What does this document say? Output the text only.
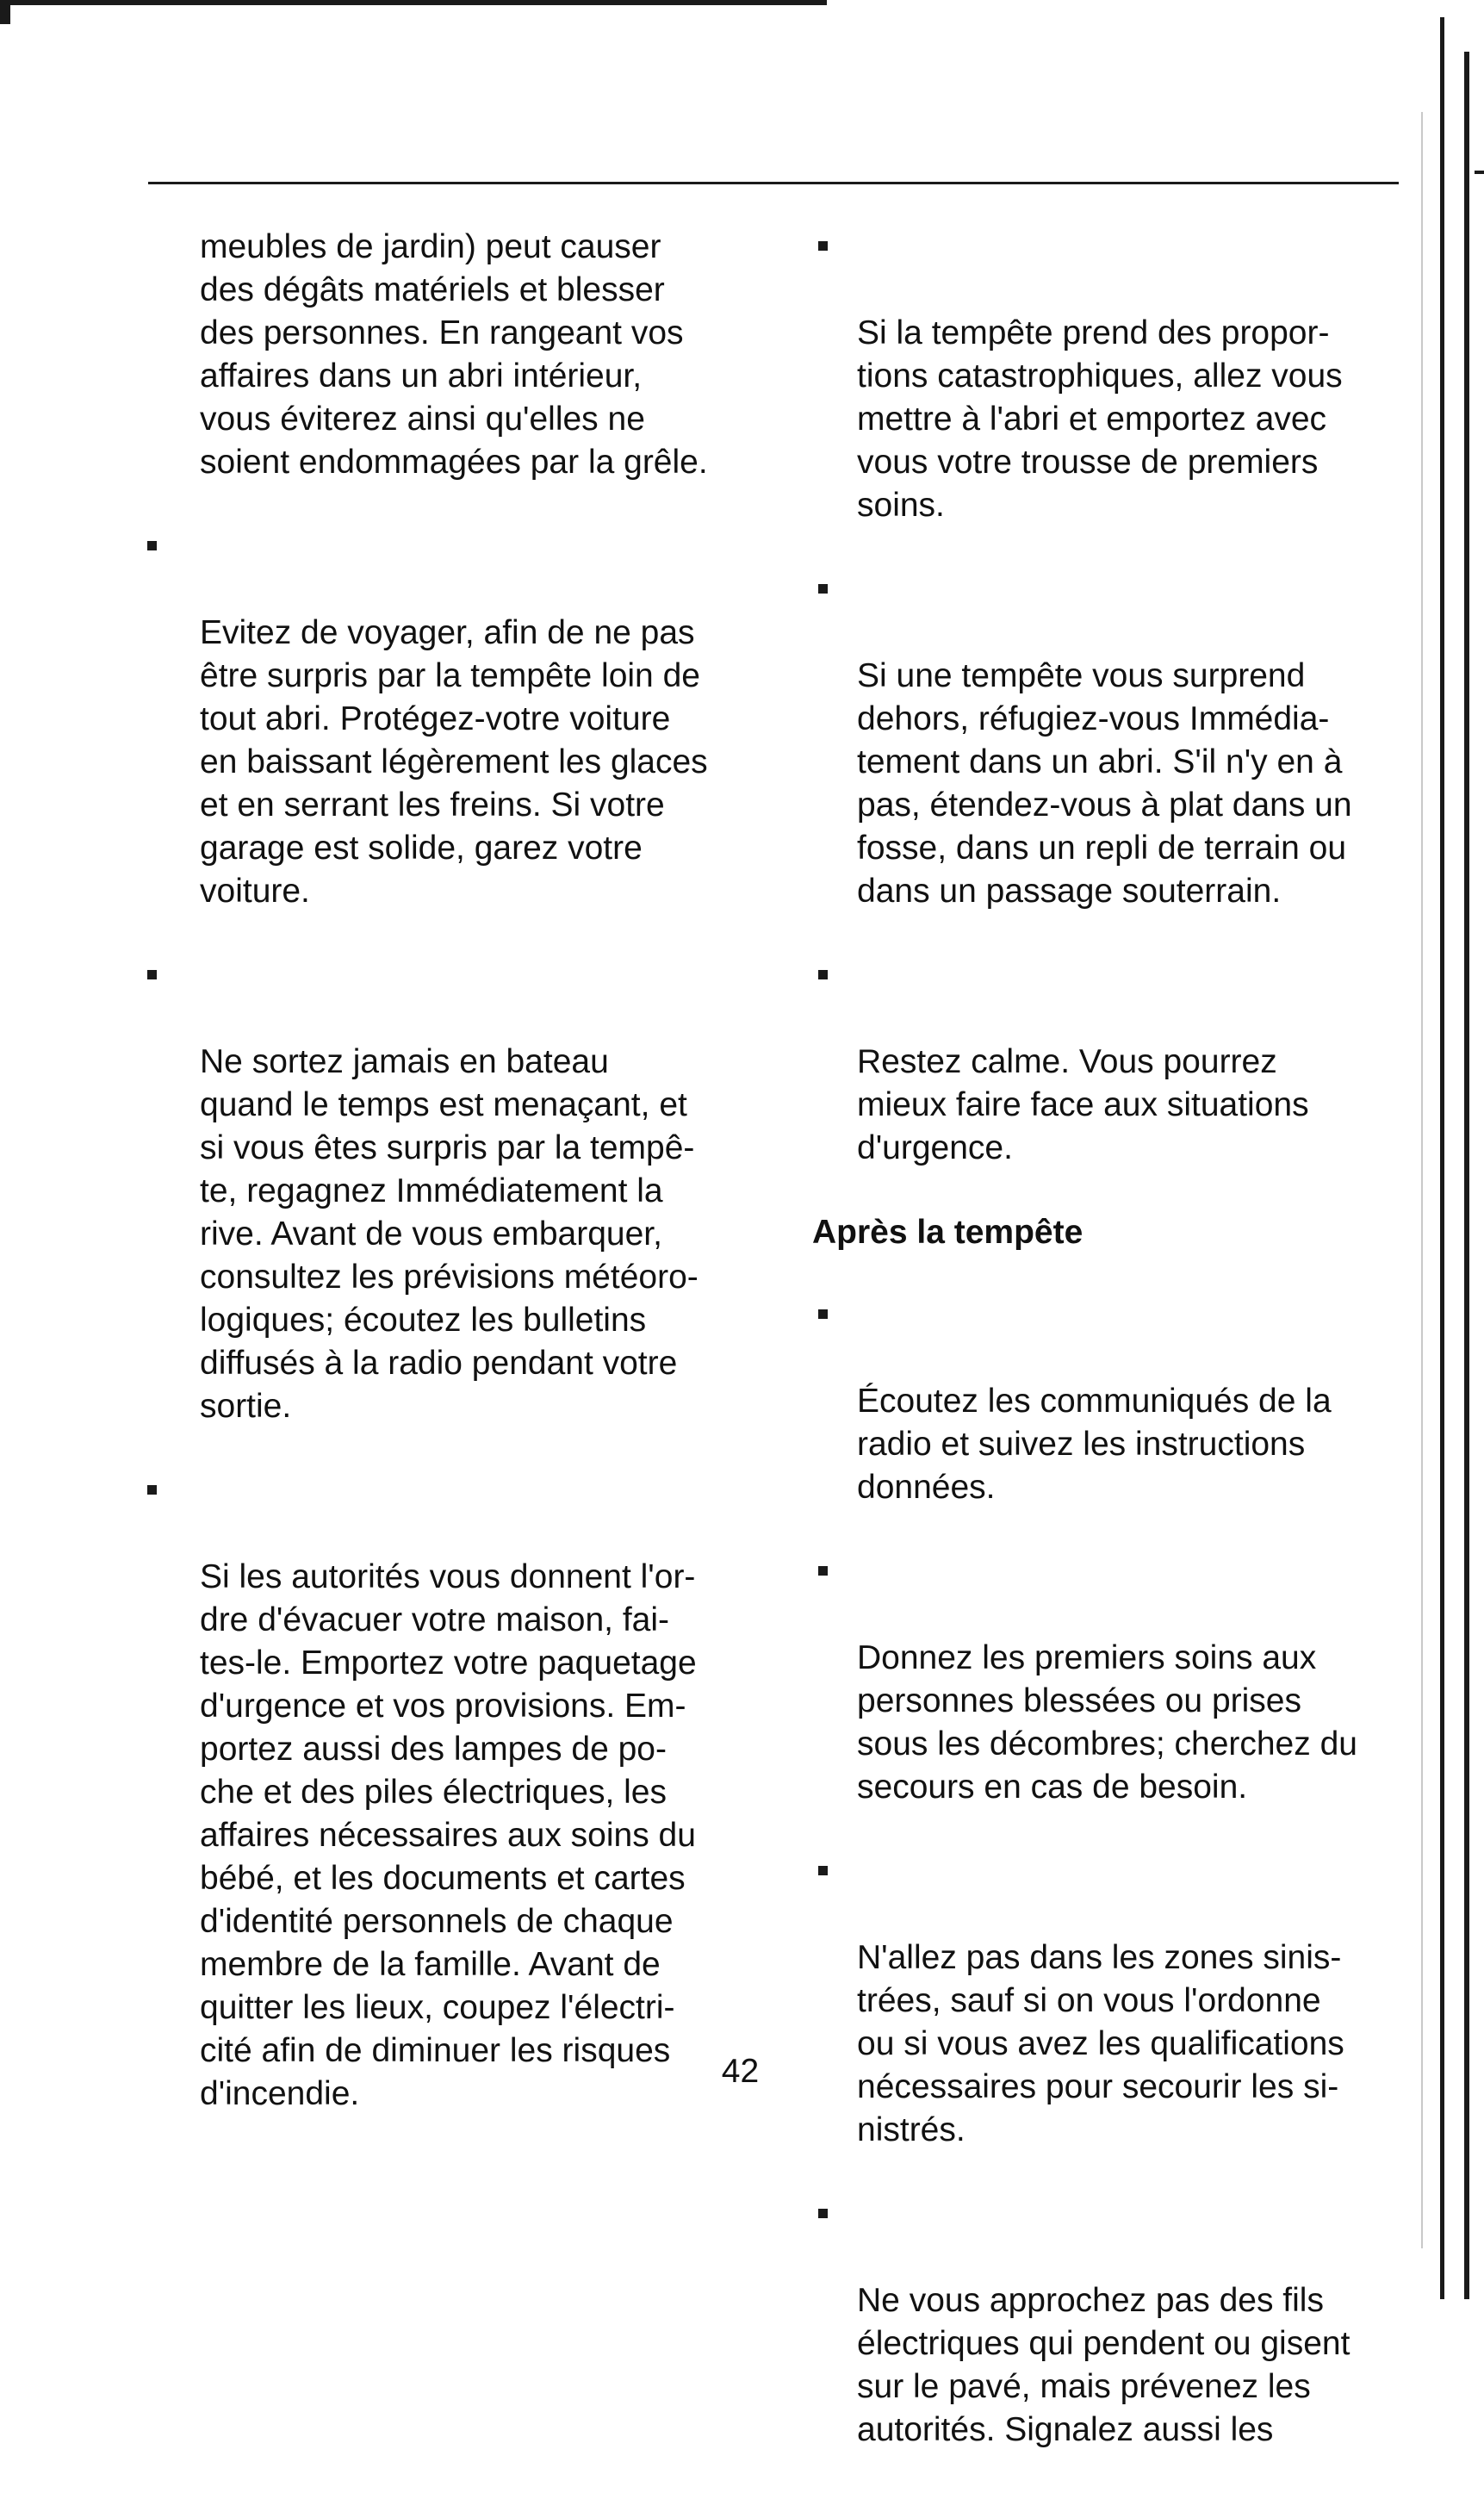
meubles de jardin) peut causer
des dégâts matériels et blesser
des personnes. En rangeant vos
affaires dans un abri intérieur,
vous éviterez ainsi qu'elles ne
soient endommagées par la grêle.

Evitez de voyager, afin de ne pas
être surpris par la tempête loin de
tout abri. Protégez-votre voiture
en baissant légèrement les glaces
et en serrant les freins. Si votre
garage est solide, garez votre
voiture.

Ne sortez jamais en bateau
quand le temps est menaçant, et
si vous êtes surpris par la tempê-
te, regagnez Immédiatement la
rive. Avant de vous embarquer,
consultez les prévisions météoro-
logiques; écoutez les bulletins
diffusés à la radio pendant votre
sortie.

Si les autorités vous donnent l'or-
dre d'évacuer votre maison, fai-
tes-le. Emportez votre paquetage
d'urgence et vos provisions. Em-
portez aussi des lampes de po-
che et des piles électriques, les
affaires nécessaires aux soins du
bébé, et les documents et cartes
d'identité personnels de chaque
membre de la famille. Avant de
quitter les lieux, coupez l'électri-
cité afin de diminuer les risques
d'incendie.

Si la tempête prend des propor-
tions catastrophiques, allez vous
mettre à l'abri et emportez avec
vous votre trousse de premiers
soins.

Si une tempête vous surprend
dehors, réfugiez-vous Immédia-
tement dans un abri. S'il n'y en à
pas, étendez-vous à plat dans un
fosse, dans un repli de terrain ou
dans un passage souterrain.

Restez calme. Vous pourrez
mieux faire face aux situations
d'urgence.

Après la tempête

Écoutez les communiqués de la
radio et suivez les instructions
données.

Donnez les premiers soins aux
personnes blessées ou prises
sous les décombres; cherchez du
secours en cas de besoin.

N'allez pas dans les zones sinis-
trées, sauf si on vous l'ordonne
ou si vous avez les qualifications
nécessaires pour secourir les si-
nistrés.

Ne vous approchez pas des fils
électriques qui pendent ou gisent
sur le pavé, mais prévenez les
autorités. Signalez aussi les

42
